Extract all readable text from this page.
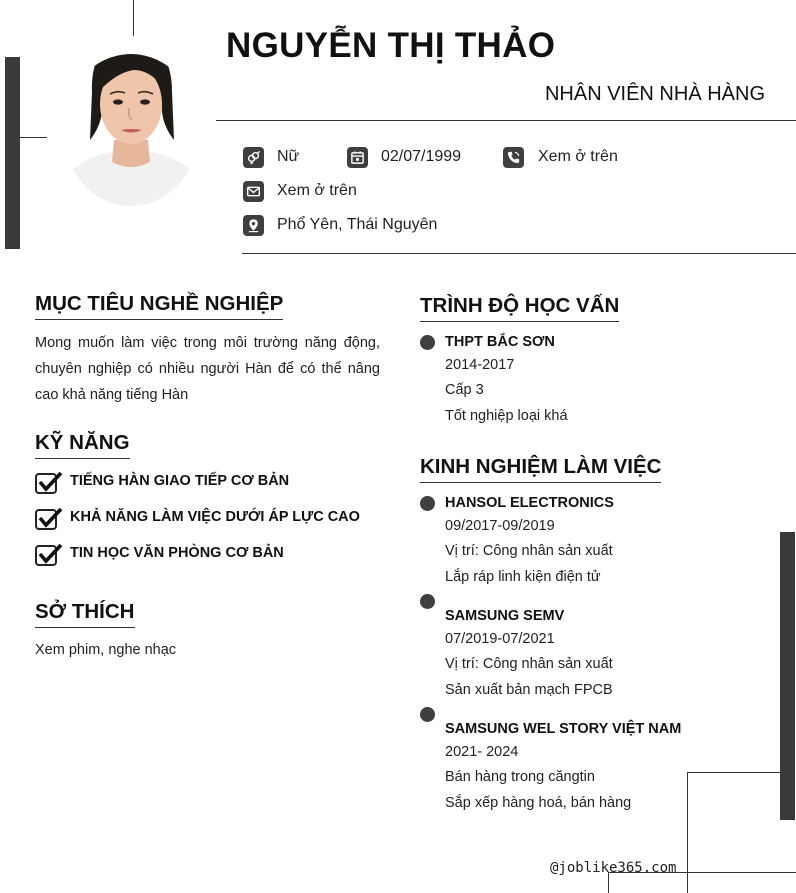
NGUYỄN THỊ THẢO
NHÂN VIÊN NHÀ HÀNG
Nữ	02/07/1999	Xem ở trên
Xem ở trên
Phổ Yên, Thái Nguyên
MỤC TIÊU NGHỀ NGHIỆP
Mong muốn làm việc trong môi trường năng động, chuyên nghiệp có nhiều người Hàn để có thể nâng cao khả năng tiếng Hàn
KỸ NĂNG
TIẾNG HÀN GIAO TIẾP CƠ BẢN
KHẢ NĂNG LÀM VIỆC DƯỚI ÁP LỰC CAO
TIN HỌC VĂN PHÒNG CƠ BẢN
SỞ THÍCH
Xem phim, nghe nhạc
TRÌNH ĐỘ HỌC VẤN
THPT BẮC SƠN
2014-2017
Cấp 3
Tốt nghiệp loại khá
KINH NGHIỆM LÀM VIỆC
HANSOL ELECTRONICS
09/2017-09/2019
Vị trí: Công nhân sản xuất
Lắp ráp linh kiện điện tử
SAMSUNG SEMV
07/2019-07/2021
Vị trí: Công nhân sản xuất
Sản xuất bản mạch FPCB
SAMSUNG WEL STORY VIỆT NAM
2021- 2024
Bán hàng trong căngtin
Sắp xếp hàng hoá, bán hàng
@joblike365.com
